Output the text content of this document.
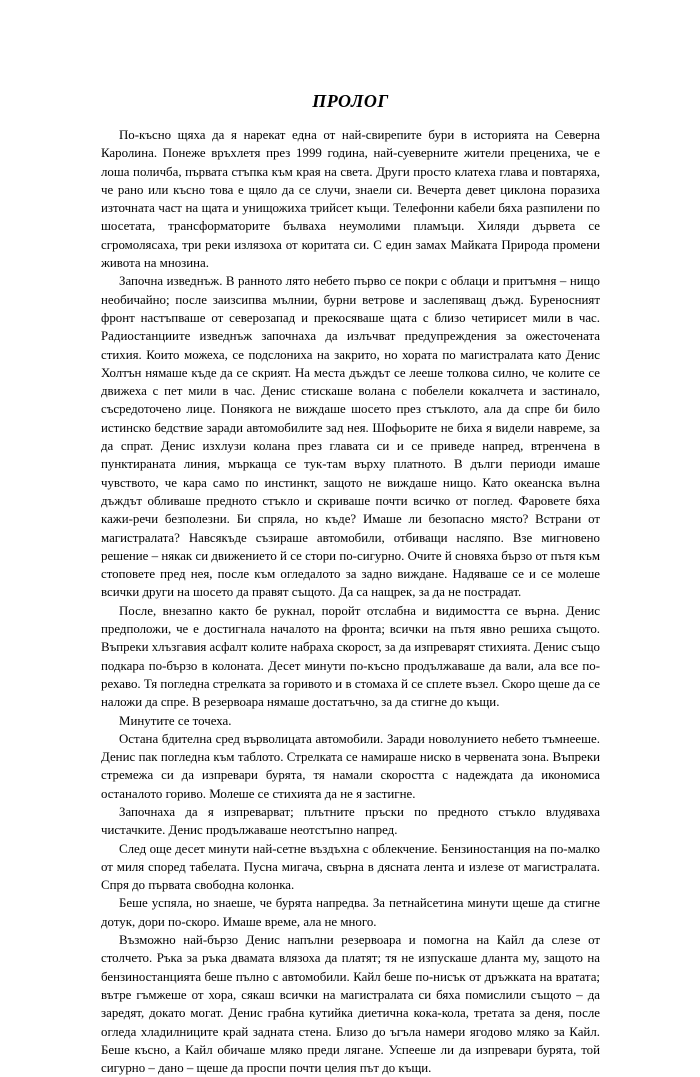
ПРОЛОГ

По-късно щяха да я нарекат една от най-свирепите бури в историята на Северна Каролина. Понеже връхлетя през 1999 година, най-суеверните жители прецениха, че е лоша поличба, първата стъпка към края на света. Други просто клатеха глава и повтаряха, че рано или късно това е щяло да се случи, знаели си. Вечерта девет циклона поразиха източната част на щата и унищожиха трийсет къщи. Телефонни кабели бяха разпилени по шосетата, трансформаторите бълваха неумолими пламъци. Хиляди дървета се сгромолясаха, три реки излязоха от коритата си. С един замах Майката Природа промени живота на мнозина.

Започна изведнъж. В ранното лято небето първо се покри с облаци и притъмня – нищо необичайно; после заизсипва мълнии, бурни ветрове и заслепяващ дъжд. Буреносният фронт настъпваше от северозапад и прекосяваше щата с близо четирисет мили в час. Радиостанциите изведнъж започнаха да излъчват предупреждения за ожесточената стихия. Които можеха, се подслониха на закрито, но хората по магистралата като Денис Холтън нямаше къде да се скрият. На места дъждът се лееше толкова силно, че колите се движеха с пет мили в час. Денис стискаше волана с побелели кокалчета и застинало, съсредоточено лице. Понякога не виждаше шосето през стъклото, ала да спре би било истинско бедствие заради автомобилите зад нея. Шофьорите не биха я видели навреме, за да спрат. Денис изхлузи колана през главата си и се приведе напред, втренчена в пунктираната линия, мъркаща се тук-там върху платното. В дълги периоди имаше чувството, че кара само по инстинкт, защото не виждаше нищо. Като океанска вълна дъждът обливаше предното стъкло и скриваше почти всичко от поглед. Фаровете бяха кажи-речи безполезни. Би спряла, но къде? Имаше ли безопасно място? Встрани от магистралата? Навсякъде съзираше автомобили, отбиващи насляпо. Взе мигновено решение – някак си движението й се стори по-сигурно. Очите й сновяха бързо от пътя към стоповете пред нея, после към огледалото за задно виждане. Надяваше се и се молеше всички други на шосето да правят същото. Да са нащрек, за да не пострадат.

После, внезапно както бе рукнал, поройт отслабна и видимостта се върна. Денис предположи, че е достигнала началото на фронта; всички на пътя явно решиха същото. Въпреки хлъзгавия асфалт колите набраха скорост, за да изпреварят стихията. Денис също подкара по-бързо в колоната. Десет минути по-късно продължаваше да вали, ала все по-рехаво. Тя погледна стрелката за горивото и в стомаха й се сплете възел. Скоро щеше да се наложи да спре. В резервоара нямаше достатъчно, за да стигне до къщи.

Минутите се точеха.

Остана бдителна сред върволицата автомобили. Заради новолунието небето тъмнееше. Денис пак погледна към таблото. Стрелката се намираше ниско в червената зона. Въпреки стремежа си да изпревари бурята, тя намали скоростта с надеждата да икономиса останалото гориво. Молеше се стихията да не я застигне.

Започнаха да я изпреварват; плътните пръски по предното стъкло влудяваха чистачките. Денис продължаваше неотстъпно напред.

След още десет минути най-сетне въздъхна с облекчение. Бензиностанция на по-малко от миля според табелата. Пусна мигача, свърна в дясната лента и излезе от магистралата. Спря до първата свободна колонка.

Беше успяла, но знаеше, че бурята напредва. За петнайсетина минути щеше да стигне дотук, дори по-скоро. Имаше време, ала не много.

Възможно най-бързо Денис напълни резервоара и помогна на Кайл да слезе от столчето. Ръка за ръка двамата влязоха да платят; тя не изпускаше дланта му, защото на бензиностанцията беше пълно с автомобили. Кайл беше по-нисък от дръжката на вратата; вътре гъмжеше от хора, сякаш всички на магистралата си бяха помислили същото – да заредят, докато могат. Денис грабна кутийка диетична кока-кола, третата за деня, после огледа хладилниците край задната стена. Близо до ъгъла намери ягодово мляко за Кайл. Беше късно, а Кайл обичаше мляко преди лягане. Успееше ли да изпревари бурята, той сигурно – дано – щеше да проспи почти целия път до къщи.
